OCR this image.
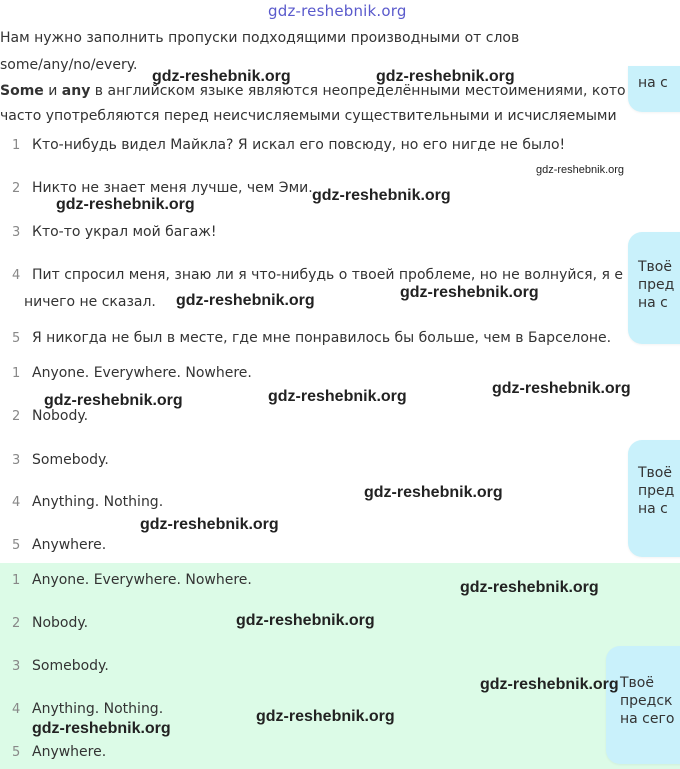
gdz-reshebnik.org
Нам нужно заполнить пропуски подходящими производными от слов
some/any/no/every.
Some и any в английском языке являются неопределёнными местоимениями, кото
часто употребляются перед неисчисляемыми существительными и исчисляемыми
на с
1 Кто-нибудь видел Майкла? Я искал его повсюду, но его нигде не было!
2 Никто не знает меня лучше, чем Эми.
3 Кто-то украл мой багаж!
4 Пит спросил меня, знаю ли я что-нибудь о твоей проблеме, но не волнуйся, я е
ничего не сказал.
5 Я никогда не был в месте, где мне понравилось бы больше, чем в Барселоне.
Твоё
пред
на с
1 Anyone. Everywhere. Nowhere.
2 Nobody.
3 Somebody.
4 Anything. Nothing.
5 Anywhere.
Твоё
пред
на с
1 Anyone. Everywhere. Nowhere.
2 Nobody.
3 Somebody.
4 Anything. Nothing.
5 Anywhere.
Твоё
предск
на сего
gdz-reshebnik.org	gdz-reshebnik.org
gdz-reshebnik.org
gdz-reshebnik.org
gdz-reshebnik.org
gdz-reshebnik.org
gdz-reshebnik.org
gdz-reshebnik.org
gdz-reshebnik.org
gdz-reshebnik.org
gdz-reshebnik.org
gdz-reshebnik.org
gdz-reshebnik.org
gdz-reshebnik.org
gdz-reshebnik.org
gdz-reshebnik.org
gdz-reshebnik.org
